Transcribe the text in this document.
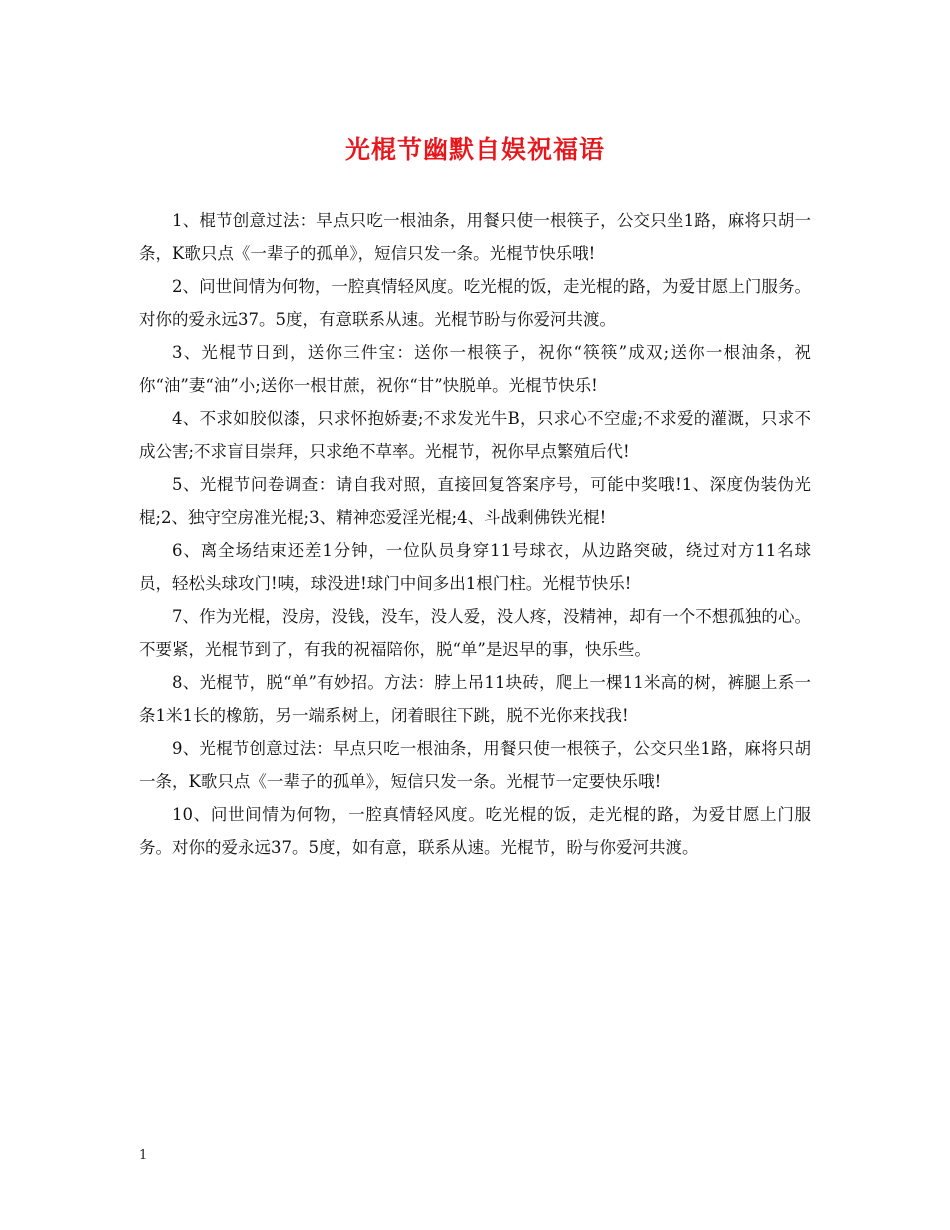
光棍节幽默自娱祝福语

1、棍节创意过法：早点只吃一根油条，用餐只使一根筷子，公交只坐1路，麻将只胡一条，K歌只点《一辈子的孤单》，短信只发一条。光棍节快乐哦!

2、问世间情为何物，一腔真情轻风度。吃光棍的饭，走光棍的路，为爱甘愿上门服务。对你的爱永远37。5度，有意联系从速。光棍节盼与你爱河共渡。

3、光棍节日到，送你三件宝：送你一根筷子，祝你“筷筷”成双;送你一根油条，祝你“油”妻“油”小;送你一根甘蔗，祝你“甘”快脱单。光棍节快乐!

4、不求如胶似漆，只求怀抱娇妻;不求发光牛B，只求心不空虚;不求爱的灌溉，只求不成公害;不求盲目崇拜，只求绝不草率。光棍节，祝你早点繁殖后代!

5、光棍节问卷调查：请自我对照，直接回复答案序号，可能中奖哦!1、深度伪装伪光棍;2、独守空房准光棍;3、精神恋爱淫光棍;4、斗战剩佛铁光棍!

6、离全场结束还差1分钟，一位队员身穿11号球衣，从边路突破，绕过对方11名球员，轻松头球攻门!咦，球没进!球门中间多出1根门柱。光棍节快乐!

7、作为光棍，没房，没钱，没车，没人爱，没人疼，没精神，却有一个不想孤独的心。不要紧，光棍节到了，有我的祝福陪你，脱“单”是迟早的事，快乐些。

8、光棍节，脱“单”有妙招。方法：脖上吊11块砖，爬上一棵11米高的树，裤腿上系一条1米1长的橡筋，另一端系树上，闭着眼往下跳，脱不光你来找我!

9、光棍节创意过法：早点只吃一根油条，用餐只使一根筷子，公交只坐1路，麻将只胡一条，K歌只点《一辈子的孤单》，短信只发一条。光棍节一定要快乐哦!

10、问世间情为何物，一腔真情轻风度。吃光棍的饭，走光棍的路，为爱甘愿上门服务。对你的爱永远37。5度，如有意，联系从速。光棍节，盼与你爱河共渡。

1
